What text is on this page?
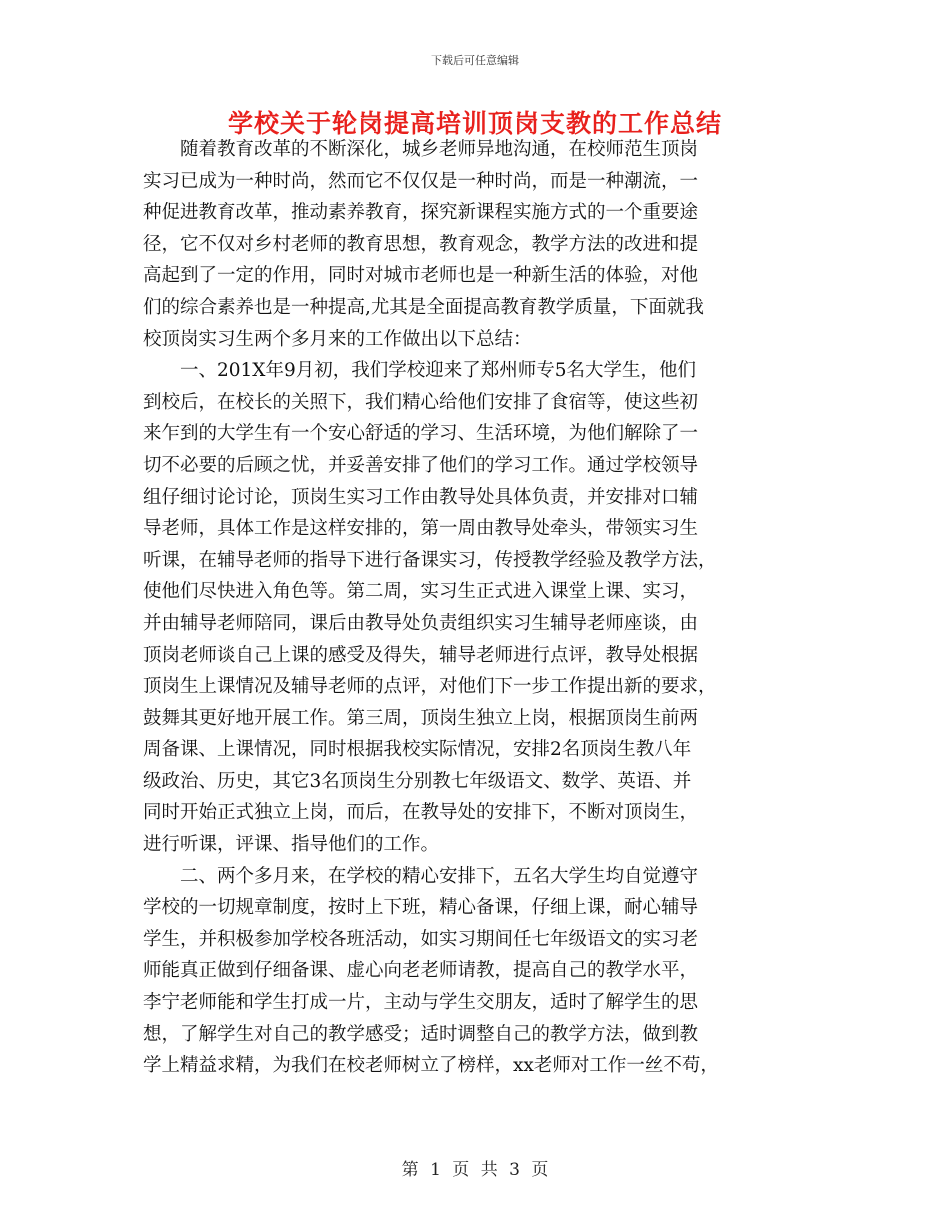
下载后可任意编辑
学校关于轮岗提高培训顶岗支教的工作总结
　　随着教育改革的不断深化，城乡老师异地沟通，在校师范生顶岗
实习已成为一种时尚，然而它不仅仅是一种时尚，而是一种潮流，一
种促进教育改革，推动素养教育，探究新课程实施方式的一个重要途
径，它不仅对乡村老师的教育思想，教育观念，教学方法的改进和提
高起到了一定的作用，同时对城市老师也是一种新生活的体验，对他
们的综合素养也是一种提高,尤其是全面提高教育教学质量，下面就我
校顶岗实习生两个多月来的工作做出以下总结：
　　一、201X年9月初，我们学校迎来了郑州师专5名大学生，他们
到校后，在校长的关照下，我们精心给他们安排了食宿等，使这些初
来乍到的大学生有一个安心舒适的学习、生活环境，为他们解除了一
切不必要的后顾之忧，并妥善安排了他们的学习工作。通过学校领导
组仔细讨论讨论，顶岗生实习工作由教导处具体负责，并安排对口辅
导老师，具体工作是这样安排的，第一周由教导处牵头，带领实习生
听课，在辅导老师的指导下进行备课实习，传授教学经验及教学方法，
使他们尽快进入角色等。第二周，实习生正式进入课堂上课、实习，
并由辅导老师陪同，课后由教导处负责组织实习生辅导老师座谈，由
顶岗老师谈自己上课的感受及得失，辅导老师进行点评，教导处根据
顶岗生上课情况及辅导老师的点评，对他们下一步工作提出新的要求，
鼓舞其更好地开展工作。第三周，顶岗生独立上岗，根据顶岗生前两
周备课、上课情况，同时根据我校实际情况，安排2名顶岗生教八年
级政治、历史，其它3名顶岗生分别教七年级语文、数学、英语、并
同时开始正式独立上岗，而后，在教导处的安排下，不断对顶岗生，
进行听课，评课、指导他们的工作。
　　二、两个多月来，在学校的精心安排下，五名大学生均自觉遵守
学校的一切规章制度，按时上下班，精心备课，仔细上课，耐心辅导
学生，并积极参加学校各班活动，如实习期间任七年级语文的实习老
师能真正做到仔细备课、虚心向老老师请教，提高自己的教学水平，
李宁老师能和学生打成一片，主动与学生交朋友，适时了解学生的思
想，了解学生对自己的教学感受；适时调整自己的教学方法，做到教
学上精益求精，为我们在校老师树立了榜样，xx老师对工作一丝不苟，
第 1 页 共 3 页
